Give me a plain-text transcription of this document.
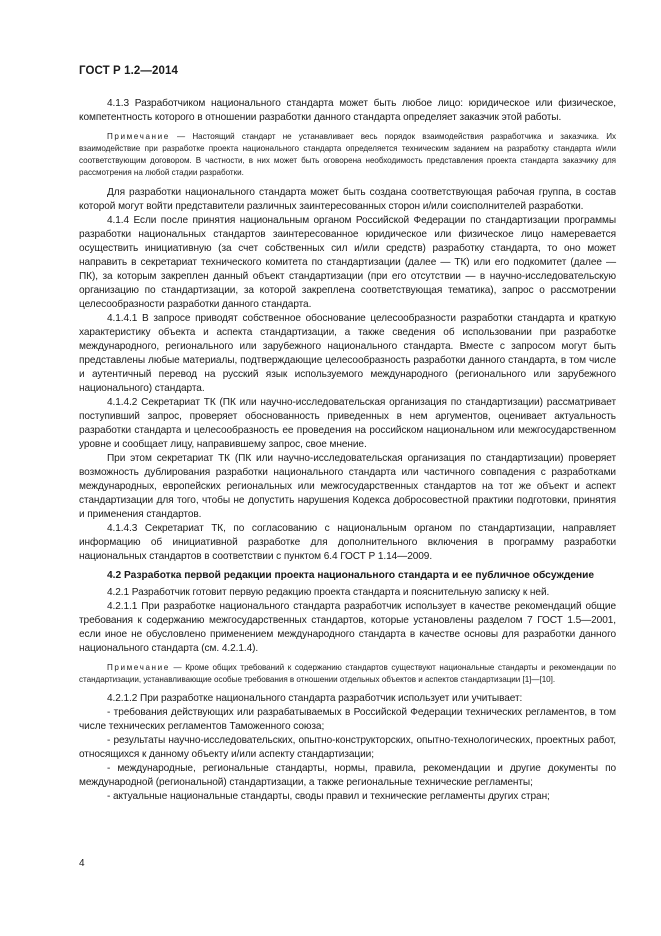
ГОСТ Р 1.2—2014

4.1.3 Разработчиком национального стандарта может быть любое лицо: юридическое или физическое, компетентность которого в отношении разработки данного стандарта определяет заказчик этой работы.

Примечание — Настоящий стандарт не устанавливает весь порядок взаимодействия разработчика и заказчика. Их взаимодействие при разработке проекта национального стандарта определяется техническим заданием на разработку стандарта и/или соответствующим договором. В частности, в них может быть оговорена необходимость представления проекта стандарта заказчику для рассмотрения на любой стадии разработки.

Для разработки национального стандарта может быть создана соответствующая рабочая группа, в состав которой могут войти представители различных заинтересованных сторон и/или соисполнителей разработки.

4.1.4 Если после принятия национальным органом Российской Федерации по стандартизации программы разработки национальных стандартов заинтересованное юридическое или физическое лицо намеревается осуществить инициативную (за счет собственных сил и/или средств) разработку стандарта, то оно может направить в секретариат технического комитета по стандартизации (далее — ТК) или его подкомитет (далее — ПК), за которым закреплен данный объект стандартизации (при его отсутствии — в научно-исследовательскую организацию по стандартизации, за которой закреплена соответствующая тематика), запрос о рассмотрении целесообразности разработки данного стандарта.

4.1.4.1 В запросе приводят собственное обоснование целесообразности разработки стандарта и краткую характеристику объекта и аспекта стандартизации, а также сведения об использовании при разработке международного, регионального или зарубежного национального стандарта. Вместе с запросом могут быть представлены любые материалы, подтверждающие целесообразность разработки данного стандарта, в том числе и аутентичный перевод на русский язык используемого международного (регионального или зарубежного национального) стандарта.

4.1.4.2 Секретариат ТК (ПК или научно-исследовательская организация по стандартизации) рассматривает поступивший запрос, проверяет обоснованность приведенных в нем аргументов, оценивает актуальность разработки стандарта и целесообразность ее проведения на российском национальном или межгосударственном уровне и сообщает лицу, направившему запрос, свое мнение.

При этом секретариат ТК (ПК или научно-исследовательская организация по стандартизации) проверяет возможность дублирования разработки национального стандарта или частичного совпадения с разработками международных, европейских региональных или межгосударственных стандартов на тот же объект и аспект стандартизации для того, чтобы не допустить нарушения Кодекса добросовестной практики подготовки, принятия и применения стандартов.

4.1.4.3 Секретариат ТК, по согласованию с национальным органом по стандартизации, направляет информацию об инициативной разработке для дополнительного включения в программу разработки национальных стандартов в соответствии с пунктом 6.4 ГОСТ Р 1.14—2009.

4.2 Разработка первой редакции проекта национального стандарта и ее публичное обсуждение

4.2.1 Разработчик готовит первую редакцию проекта стандарта и пояснительную записку к ней.

4.2.1.1 При разработке национального стандарта разработчик использует в качестве рекомендаций общие требования к содержанию межгосударственных стандартов, которые установлены разделом 7 ГОСТ 1.5—2001, если иное не обусловлено применением международного стандарта в качестве основы для разработки данного национального стандарта (см. 4.2.1.4).

Примечание — Кроме общих требований к содержанию стандартов существуют национальные стандарты и рекомендации по стандартизации, устанавливающие особые требования в отношении отдельных объектов и аспектов стандартизации [1]—[10].

4.2.1.2 При разработке национального стандарта разработчик использует или учитывает:

- требования действующих или разрабатываемых в Российской Федерации технических регламентов, в том числе технических регламентов Таможенного союза;

- результаты научно-исследовательских, опытно-конструкторских, опытно-технологических, проектных работ, относящихся к данному объекту и/или аспекту стандартизации;

- международные, региональные стандарты, нормы, правила, рекомендации и другие документы по международной (региональной) стандартизации, а также региональные технические регламенты;

- актуальные национальные стандарты, своды правил и технические регламенты других стран;

4
